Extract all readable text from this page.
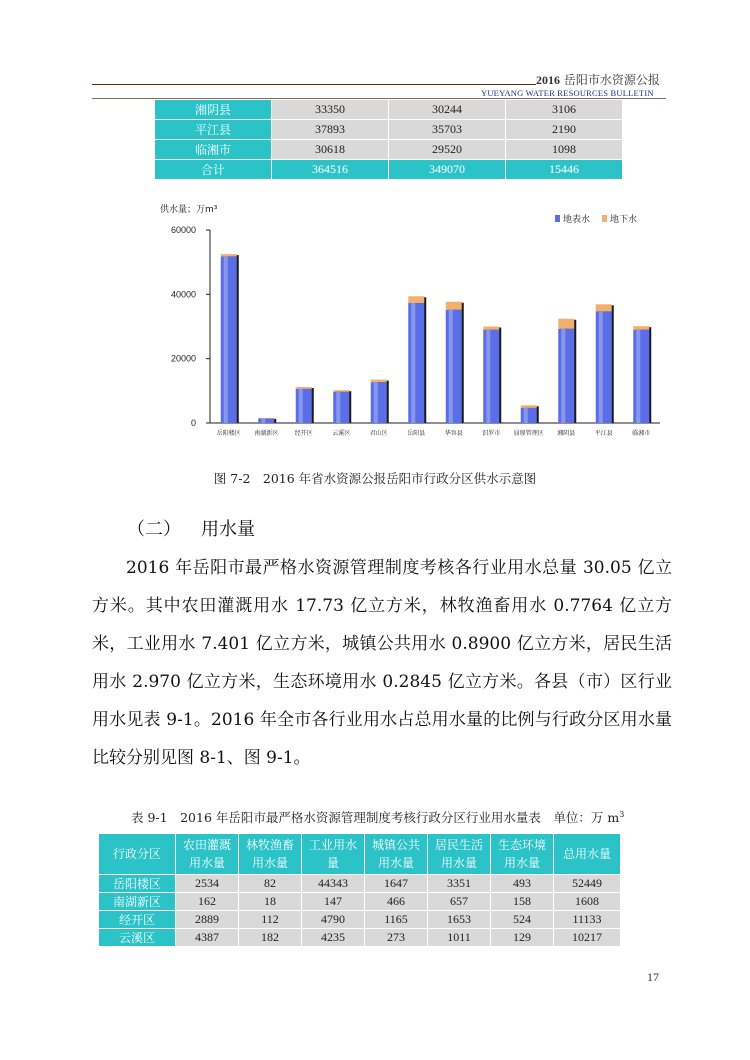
2016 岳阳市水资源公报
YUEYANG WATER RESOURCES BULLETIN
湘阴县	33350	30244	3106
平江县	37893	35703	2190
临湘市	30618	29520	1098
合计	364516	349070	15446
供水量；万m³
60000
40000
20000
0
岳阳楼区 南湖新区	经开区	云溪区	君山区	岳阳县	华容县	汨罗市 屈原管理区 湘阴县	平江县	临湘市
地表水 地下水
图 7-2　2016 年省水资源公报岳阳市行政分区供水示意图
（二） 用水量
2016 年岳阳市最严格水资源管理制度考核各行业用水总量 30.05 亿立方米。其中农田灌溉用水 17.73 亿立方米，林牧渔畜用水 0.7764 亿立方米，工业用水 7.401 亿立方米，城镇公共用水 0.8900 亿立方米，居民生活用水 2.970 亿立方米，生态环境用水 0.2845 亿立方米。各县（市）区行业用水见表 9-1。2016 年全市各行业用水占总用水量的比例与行政分区用水量比较分别见图 8-1、图 9-1。
表 9-1　2016 年岳阳市最严格水资源管理制度考核行政分区行业用水量表　单位：万 $m^3$
行政分区	农田灌溉用水量	林牧渔畜用水量	工业用水量	城镇公共用水量	居民生活用水量	生态环境用水量	总用水量
岳阳楼区	2534	82	44343	1647	3351	493	52449
南湖新区	162	18	147	466	657	158	1608
经开区	2889	112	4790	1165	1653	524	11133
云溪区	4387	182	4235	273	1011	129	10217
17
